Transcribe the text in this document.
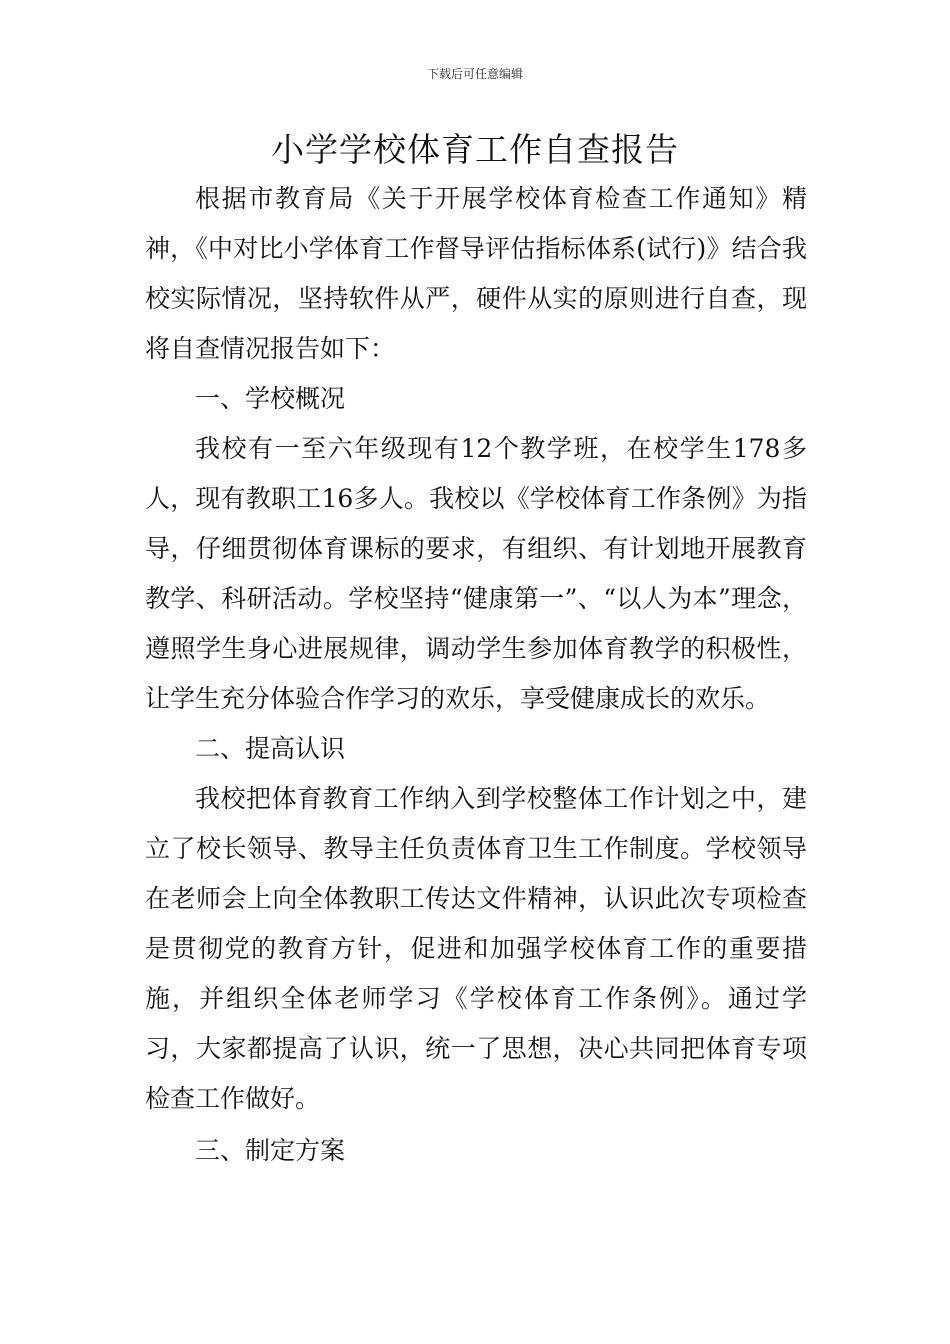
下载后可任意编辑
小学学校体育工作自查报告

根据市教育局《关于开展学校体育检查工作通知》精神，《中对比小学体育工作督导评估指标体系(试行)》结合我校实际情况，坚持软件从严，硬件从实的原则进行自查，现将自查情况报告如下：

一、学校概况

我校有一至六年级现有12个教学班，在校学生178多人，现有教职工16多人。我校以《学校体育工作条例》为指导，仔细贯彻体育课标的要求，有组织、有计划地开展教育教学、科研活动。学校坚持“健康第一”、“以人为本”理念，遵照学生身心进展规律，调动学生参加体育教学的积极性，让学生充分体验合作学习的欢乐，享受健康成长的欢乐。

二、提高认识

我校把体育教育工作纳入到学校整体工作计划之中，建立了校长领导、教导主任负责体育卫生工作制度。学校领导在老师会上向全体教职工传达文件精神，认识此次专项检查是贯彻党的教育方针，促进和加强学校体育工作的重要措施，并组织全体老师学习《学校体育工作条例》。通过学习，大家都提高了认识，统一了思想，决心共同把体育专项检查工作做好。

三、制定方案
